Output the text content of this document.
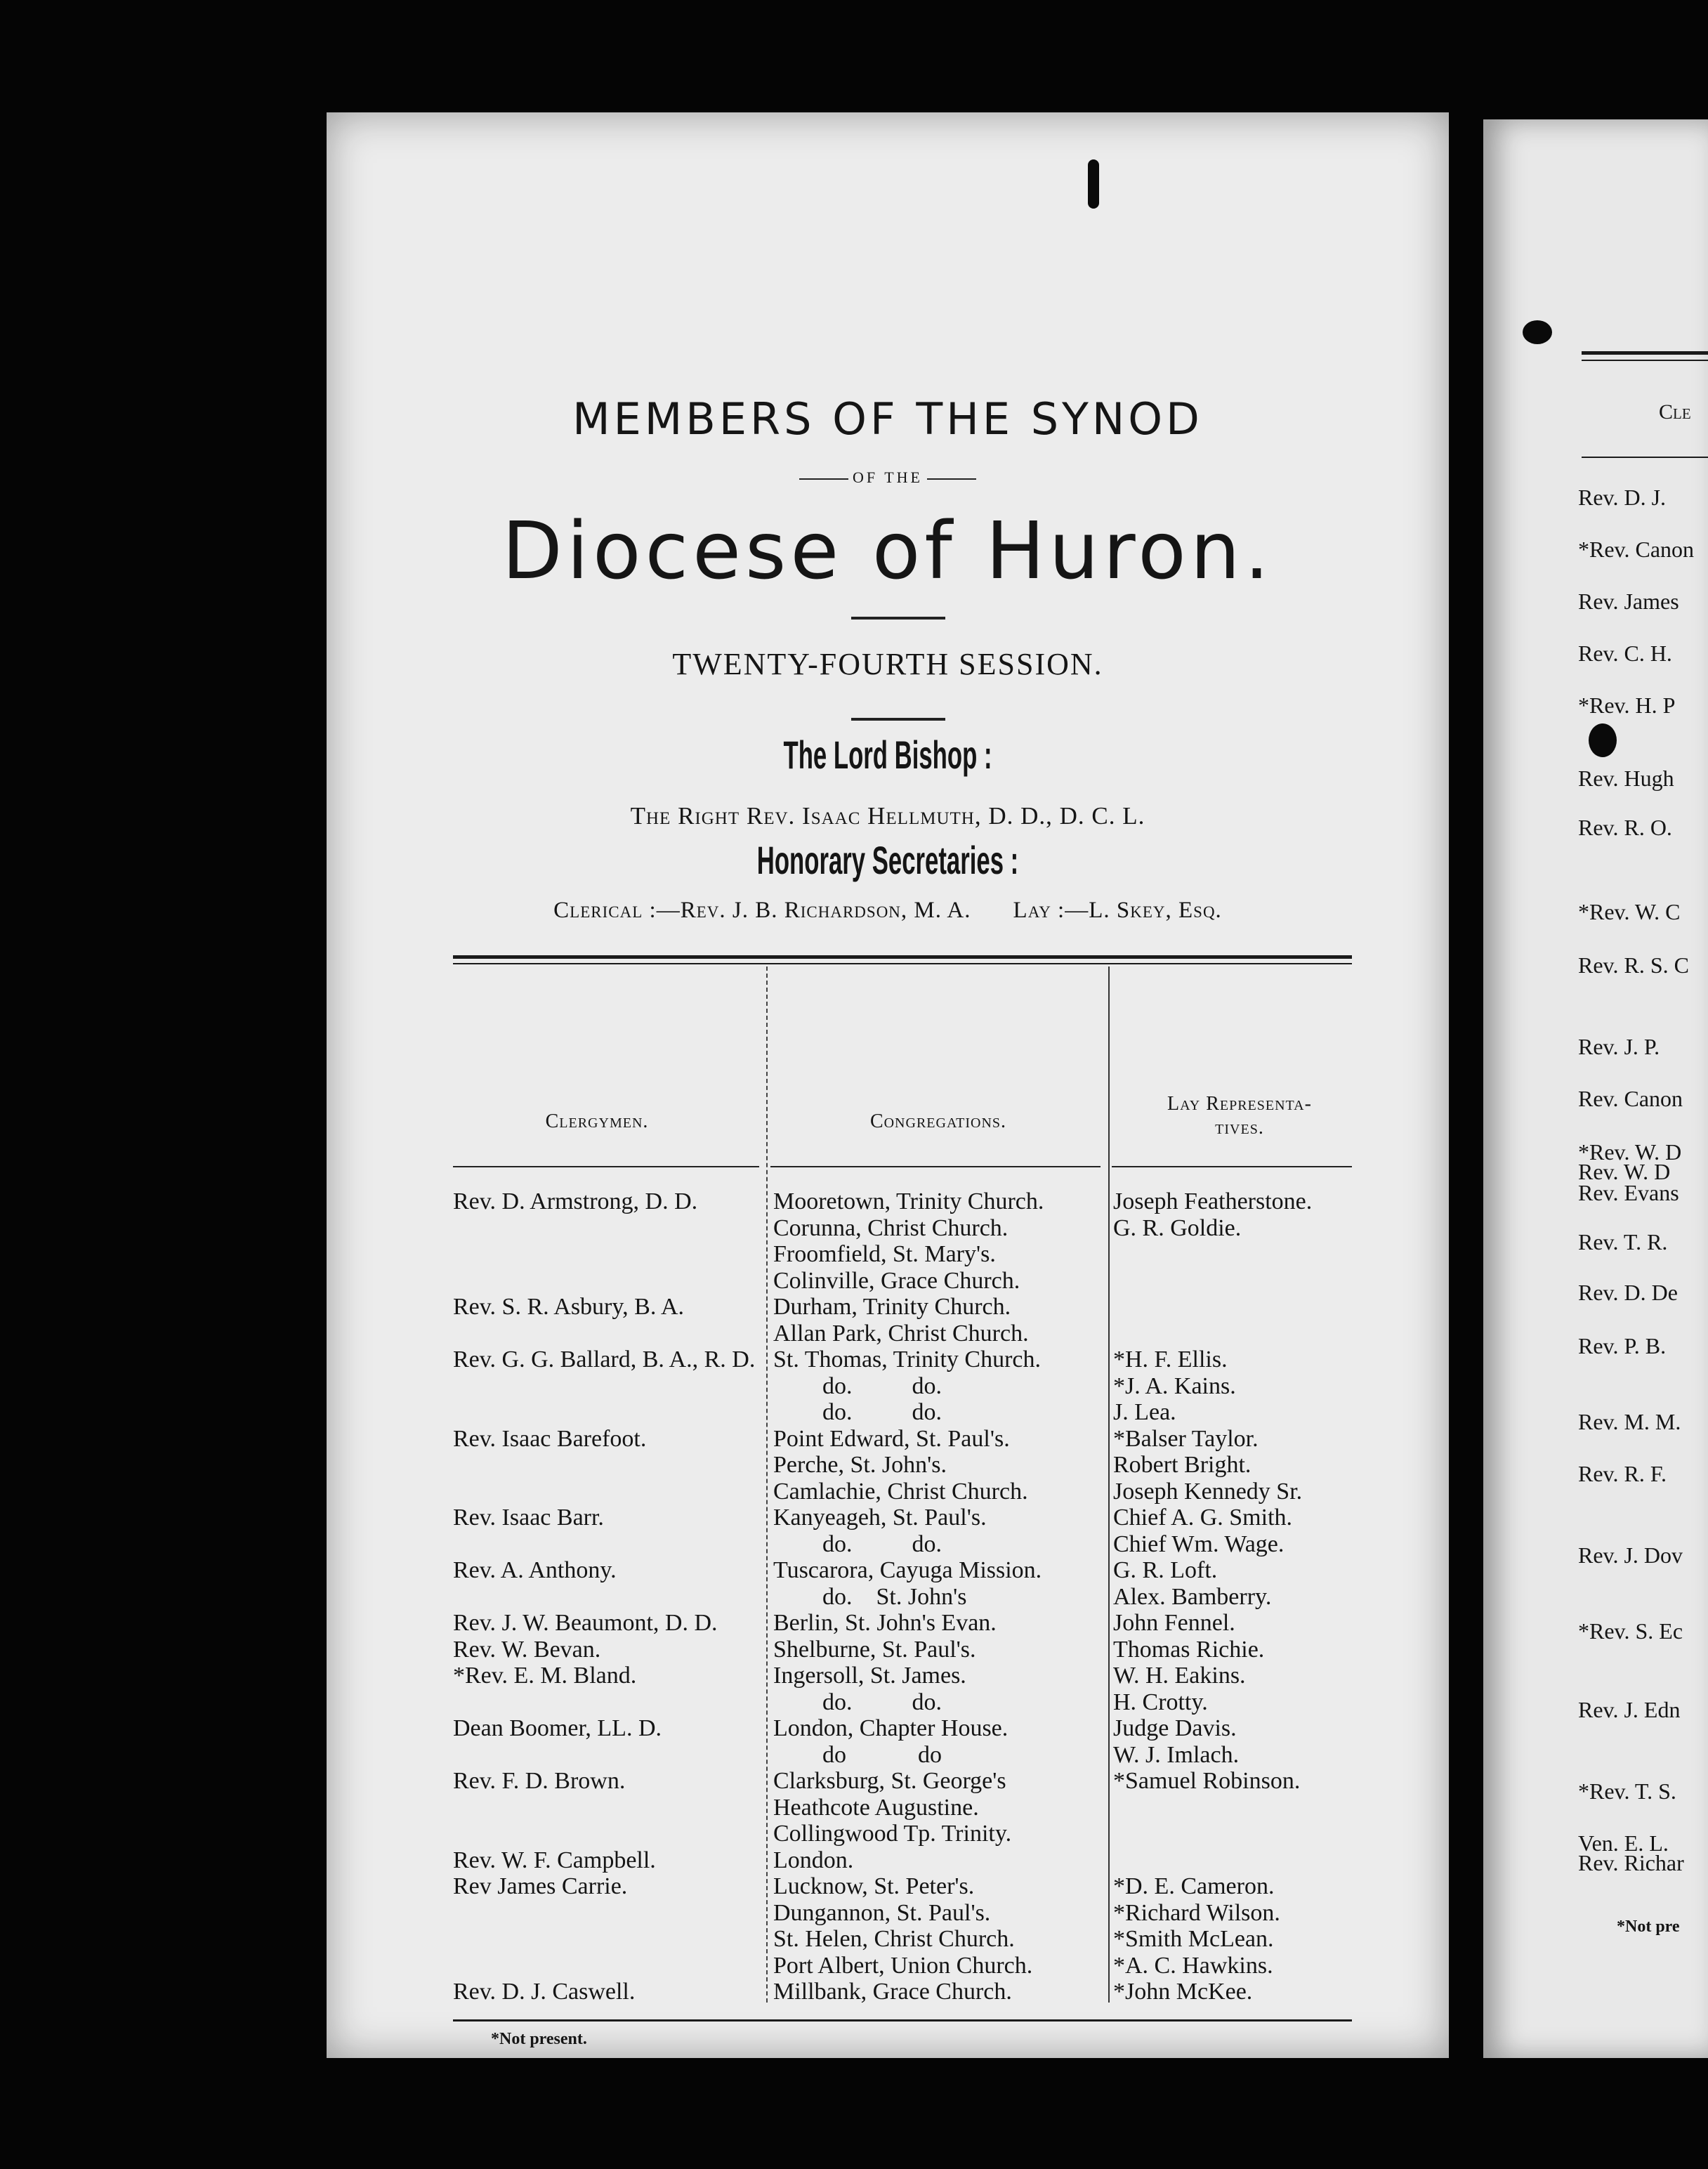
MEMBERS OF THE SYNOD
OF THE
Diocese of Huron.
TWENTY-FOURTH SESSION.
The Lord Bishop :
The Right Rev. Isaac Hellmuth, D. D., D. C. L.
Honorary Secretaries :
Clerical :—Rev. J. B. Richardson, M. A. Lay :—L. Skey, Esq.
Clergymen.	Congregations.
Lay Representa-
tives.
Rev. D. Armstrong, D. D.
Rev. S. R. Asbury, B. A.
Rev. G. G. Ballard, B. A., R. D.
Rev. Isaac Barefoot.
Rev. Isaac Barr.
Rev. A. Anthony.
Rev. J. W. Beaumont, D. D.
Rev. W. Bevan.
*Rev. E. M. Bland.
Dean Boomer, LL. D.
Rev. F. D. Brown.
Rev. W. F. Campbell.
Rev James Carrie.
Rev. D. J. Caswell.
Mooretown, Trinity Church.
Corunna, Christ Church.
Froomfield, St. Mary's.
Colinville, Grace Church.
Durham, Trinity Church.
Allan Park, Christ Church.
St. Thomas, Trinity Church.
do.          do.
do.          do.
Point Edward, St. Paul's.
Perche, St. John's.
Camlachie, Christ Church.
Kanyeageh, St. Paul's.
do.          do.
Tuscarora, Cayuga Mission.
do.    St. John's
Berlin, St. John's Evan.
Shelburne, St. Paul's.
Ingersoll, St. James.
do.          do.
London, Chapter House.
do            do
Clarksburg, St. George's
Heathcote Augustine.
Collingwood Tp. Trinity.
London.
Lucknow, St. Peter's.
Dungannon, St. Paul's.
St. Helen, Christ Church.
Port Albert, Union Church.
Millbank, Grace Church.
Joseph Featherstone.
G. R. Goldie.
*H. F. Ellis.
*J. A. Kains.
J. Lea.
*Balser Taylor.
Robert Bright.
Joseph Kennedy Sr.
Chief A. G. Smith.
Chief Wm. Wage.
G. R. Loft.
Alex. Bamberry.
John Fennel.
Thomas Richie.
W. H. Eakins.
H. Crotty.
Judge Davis.
W. J. Imlach.
*Samuel Robinson.
*D. E. Cameron.
*Richard Wilson.
*Smith McLean.
*A. C. Hawkins.
*John McKee.
*Not present.
Cle
Rev. D. J.
*Rev. Canon
Rev. James
Rev. C. H.
*Rev. H. P
Rev. Hugh
Rev. R. O.
*Rev. W. C
Rev. R. S. C
Rev. J. P.
Rev. Canon
*Rev. W. D
Rev. W. D
Rev. Evans
Rev. T. R.
Rev. D. De
Rev. P. B.
Rev. M. M.
Rev. R. F.
Rev. J. Dov
*Rev. S. Ec
Rev. J. Edn
*Rev. T. S.
Ven. E. L.
Rev. Richar
*Not pre
